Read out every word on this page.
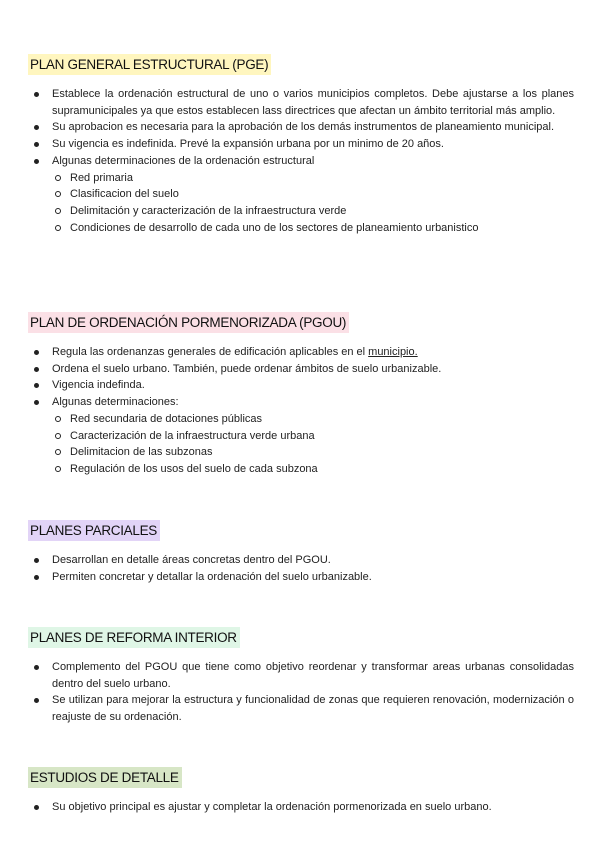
PLAN GENERAL ESTRUCTURAL (PGE)
Establece la ordenación estructural de uno o varios municipios completos. Debe ajustarse a los planes supramunicipales ya que estos establecen lass directrices que afectan un ámbito territorial más amplio.
Su aprobacion es necesaria para la aprobación de los demás instrumentos de planeamiento municipal.
Su vigencia es indefinida. Prevé la expansión urbana por un minimo de 20 años.
Algunas determinaciones de la ordenación estructural
Red primaria
Clasificacion del suelo
Delimitación y caracterización de la infraestructura verde
Condiciones de desarrollo de cada uno de los sectores de planeamiento urbanistico
PLAN DE ORDENACIÓN PORMENORIZADA (PGOU)
Regula las ordenanzas generales de edificación aplicables en el municipio.
Ordena el suelo urbano. También, puede ordenar ámbitos de suelo urbanizable.
Vigencia indefinda.
Algunas determinaciones:
Red secundaria de dotaciones públicas
Caracterización de la infraestructura verde urbana
Delimitacion de las subzonas
Regulación de los usos del suelo de cada subzona
PLANES PARCIALES
Desarrollan en detalle áreas concretas dentro del PGOU.
Permiten concretar y detallar la ordenación del suelo urbanizable.
PLANES DE REFORMA INTERIOR
Complemento del PGOU que tiene como objetivo reordenar y transformar areas urbanas consolidadas dentro del suelo urbano.
Se utilizan para mejorar la estructura y funcionalidad de zonas que requieren renovación, modernización o reajuste de su ordenación.
ESTUDIOS DE DETALLE
Su objetivo principal es ajustar y completar la ordenación pormenorizada en suelo urbano.
